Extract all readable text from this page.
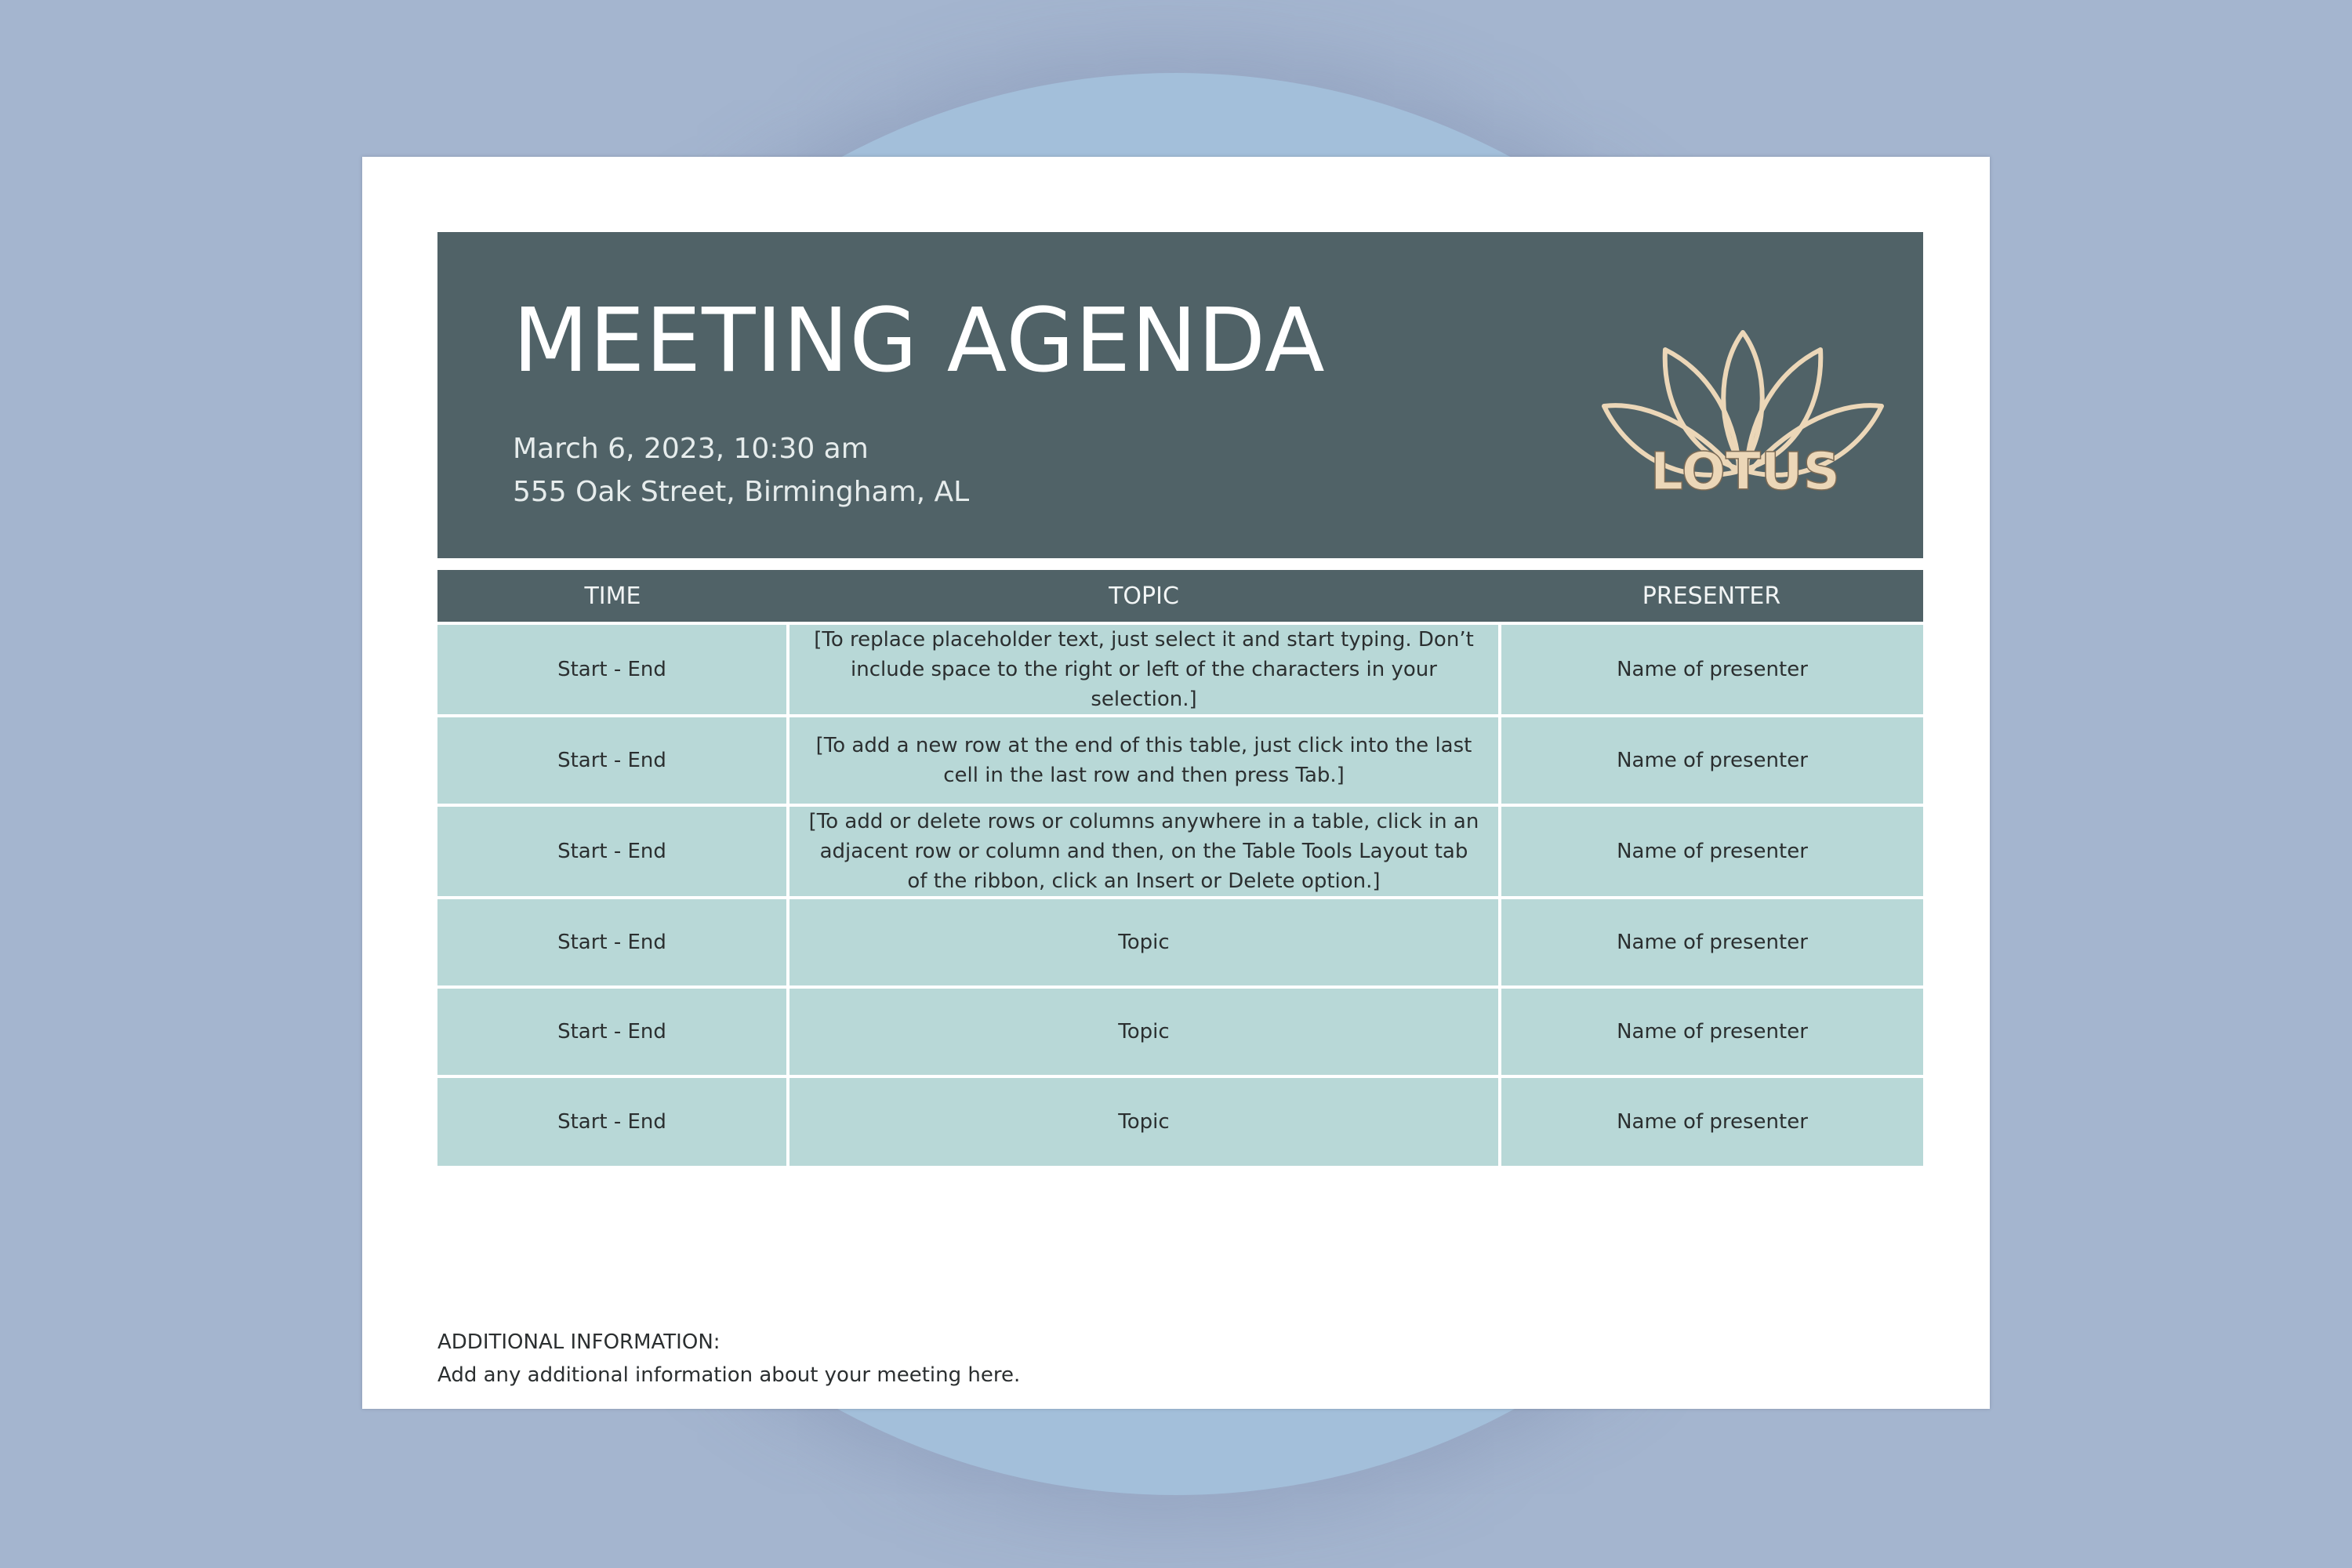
MEETING AGENDA
March 6, 2023, 10:30 am
555 Oak Street, Birmingham, AL	LOTUS
TIME	TOPIC	PRESENTER
Start - End	[To replace placeholder text, just select it and start typing. Don’t include space to the right or left of the characters in your selection.]	Name of presenter
Start - End	[To add a new row at the end of this table, just click into the last cell in the last row and then press Tab.]	Name of presenter
Start - End	[To add or delete rows or columns anywhere in a table, click in an adjacent row or column and then, on the Table Tools Layout tab of the ribbon, click an Insert or Delete option.]	Name of presenter
Start - End	Topic	Name of presenter
Start - End	Topic	Name of presenter
Start - End	Topic	Name of presenter
ADDITIONAL INFORMATION:
Add any additional information about your meeting here.
